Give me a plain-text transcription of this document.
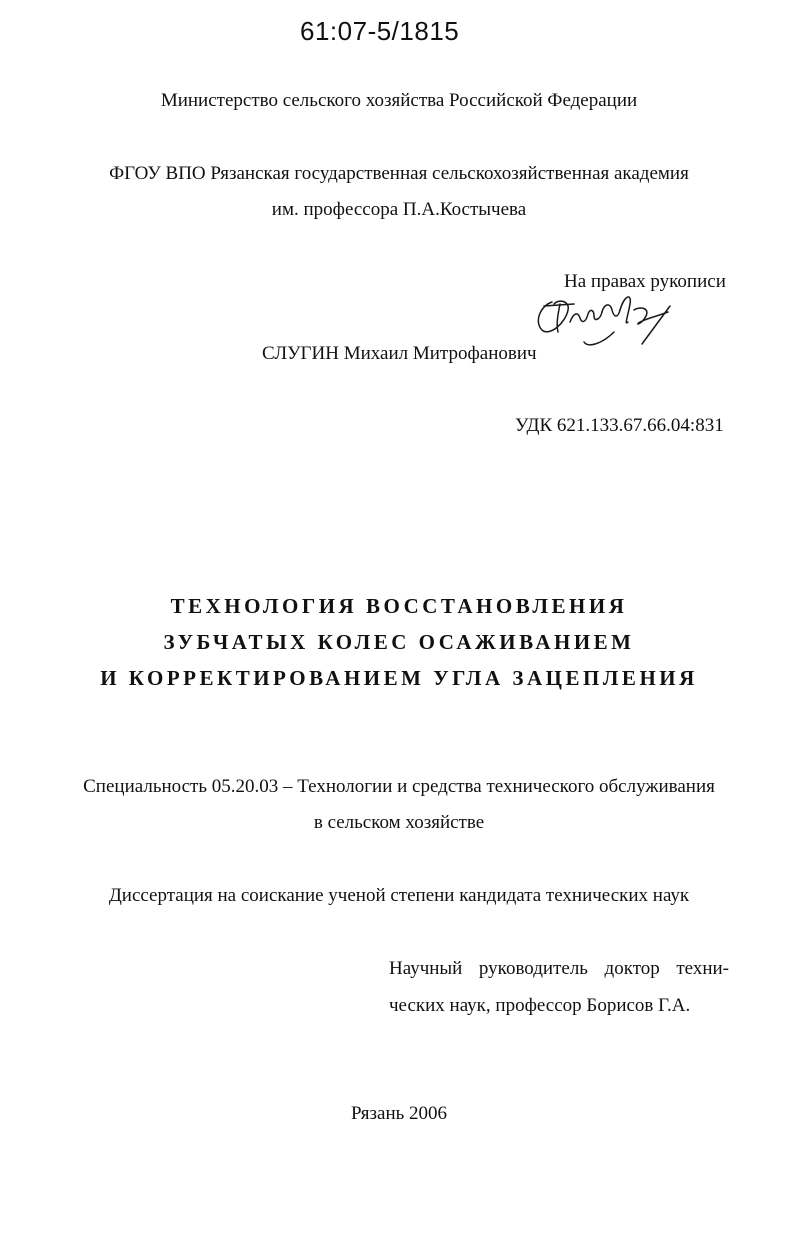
61:07-5/1815
Министерство сельского хозяйства Российской Федерации
ФГОУ ВПО Рязанская государственная сельскохозяйственная академия
им. профессора П.А.Костычева
На правах рукописи
СЛУГИН Михаил Митрофанович
УДК 621.133.67.66.04:831
ТЕХНОЛОГИЯ ВОССТАНОВЛЕНИЯ
ЗУБЧАТЫХ КОЛЕС ОСАЖИВАНИЕМ
И КОРРЕКТИРОВАНИЕМ УГЛА ЗАЦЕПЛЕНИЯ
Специальность 05.20.03 – Технологии и средства технического обслуживания
в сельском хозяйстве
Диссертация на соискание ученой степени кандидата технических наук
Научный руководитель доктор техни-
ческих наук, профессор Борисов Г.А.
Рязань 2006
